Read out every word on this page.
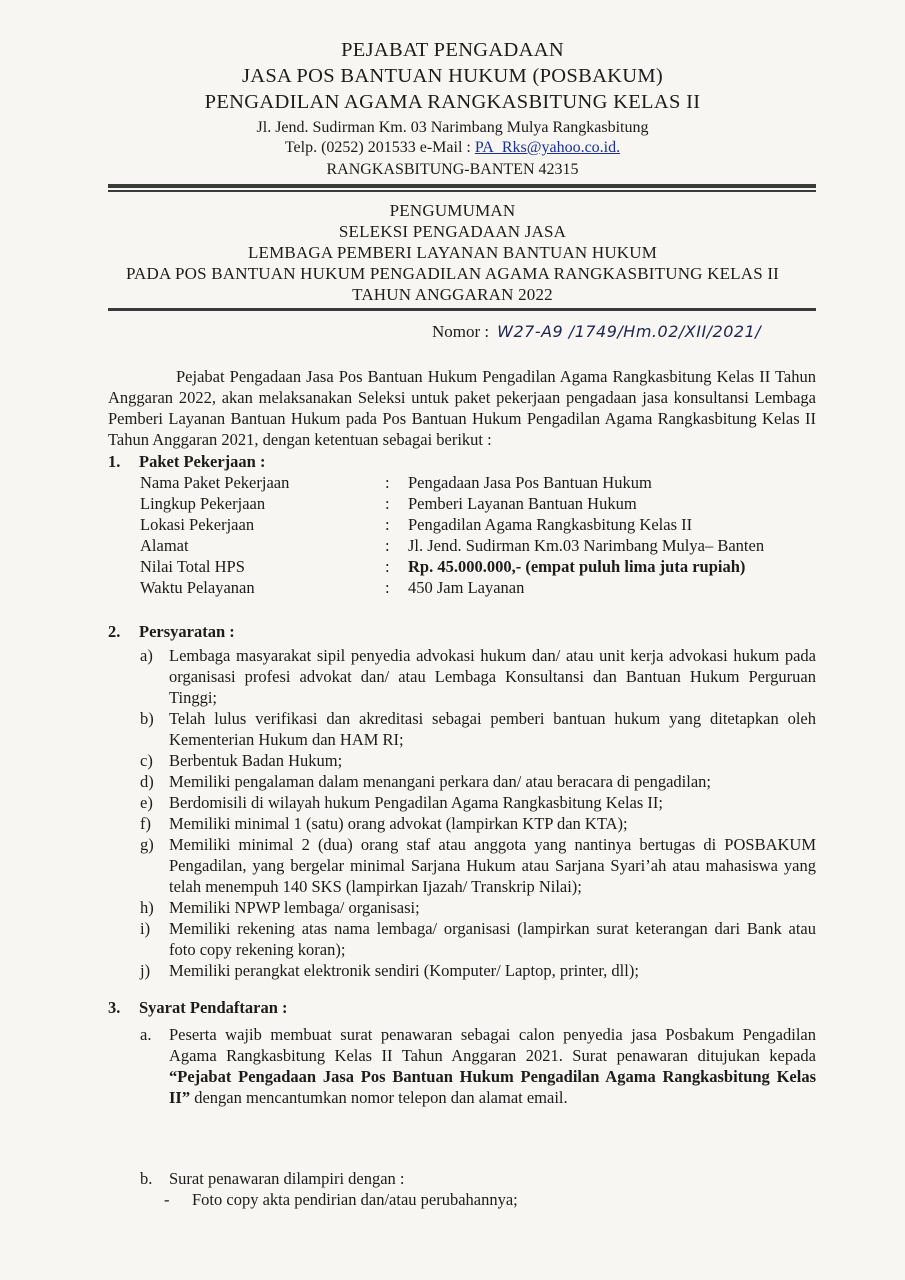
PEJABAT PENGADAAN
JASA POS BANTUAN HUKUM (POSBAKUM)
PENGADILAN AGAMA RANGKASBITUNG KELAS II
Jl. Jend. Sudirman Km. 03 Narimbang Mulya Rangkasbitung
Telp. (0252) 201533 e-Mail : PA_Rks@yahoo.co.id.
RANGKASBITUNG-BANTEN 42315
PENGUMUMAN
SELEKSI PENGADAAN JASA
LEMBAGA PEMBERI LAYANAN BANTUAN HUKUM
PADA POS BANTUAN HUKUM PENGADILAN AGAMA RANGKASBITUNG KELAS II
TAHUN ANGGARAN 2022
Nomor : W27-A9 /1749/Hm.02/XII/2021/
Pejabat Pengadaan Jasa Pos Bantuan Hukum Pengadilan Agama Rangkasbitung Kelas II Tahun Anggaran 2022, akan melaksanakan Seleksi untuk paket pekerjaan pengadaan jasa konsultansi Lembaga Pemberi Layanan Bantuan Hukum pada Pos Bantuan Hukum Pengadilan Agama Rangkasbitung Kelas II Tahun Anggaran 2021, dengan ketentuan sebagai berikut :
1. Paket Pekerjaan :
Nama Paket Pekerjaan	: Pengadaan Jasa Pos Bantuan Hukum
Lingkup Pekerjaan	: Pemberi Layanan Bantuan Hukum
Lokasi Pekerjaan	: Pengadilan Agama Rangkasbitung Kelas II
Alamat	: Jl. Jend. Sudirman Km.03 Narimbang Mulya– Banten
Nilai Total HPS	: Rp. 45.000.000,- (empat puluh lima juta rupiah)
Waktu Pelayanan	: 450 Jam Layanan
2. Persyaratan :
a) Lembaga masyarakat sipil penyedia advokasi hukum dan/ atau unit kerja advokasi hukum pada organisasi profesi advokat dan/ atau Lembaga Konsultansi dan Bantuan Hukum Perguruan Tinggi;
b) Telah lulus verifikasi dan akreditasi sebagai pemberi bantuan hukum yang ditetapkan oleh Kementerian Hukum dan HAM RI;
c) Berbentuk Badan Hukum;
d) Memiliki pengalaman dalam menangani perkara dan/ atau beracara di pengadilan;
e) Berdomisili di wilayah hukum Pengadilan Agama Rangkasbitung Kelas II;
f) Memiliki minimal 1 (satu) orang advokat (lampirkan KTP dan KTA);
g) Memiliki minimal 2 (dua) orang staf atau anggota yang nantinya bertugas di POSBAKUM Pengadilan, yang bergelar minimal Sarjana Hukum atau Sarjana Syari’ah atau mahasiswa yang telah menempuh 140 SKS (lampirkan Ijazah/ Transkrip Nilai);
h) Memiliki NPWP lembaga/ organisasi;
i) Memiliki rekening atas nama lembaga/ organisasi (lampirkan surat keterangan dari Bank atau foto copy rekening koran);
j) Memiliki perangkat elektronik sendiri (Komputer/ Laptop, printer, dll);
3. Syarat Pendaftaran :
a. Peserta wajib membuat surat penawaran sebagai calon penyedia jasa Posbakum Pengadilan Agama Rangkasbitung Kelas II Tahun Anggaran 2021. Surat penawaran ditujukan kepada “Pejabat Pengadaan Jasa Pos Bantuan Hukum Pengadilan Agama Rangkasbitung Kelas II” dengan mencantumkan nomor telepon dan alamat email.
b. Surat penawaran dilampiri dengan :
- Foto copy akta pendirian dan/atau perubahannya;
